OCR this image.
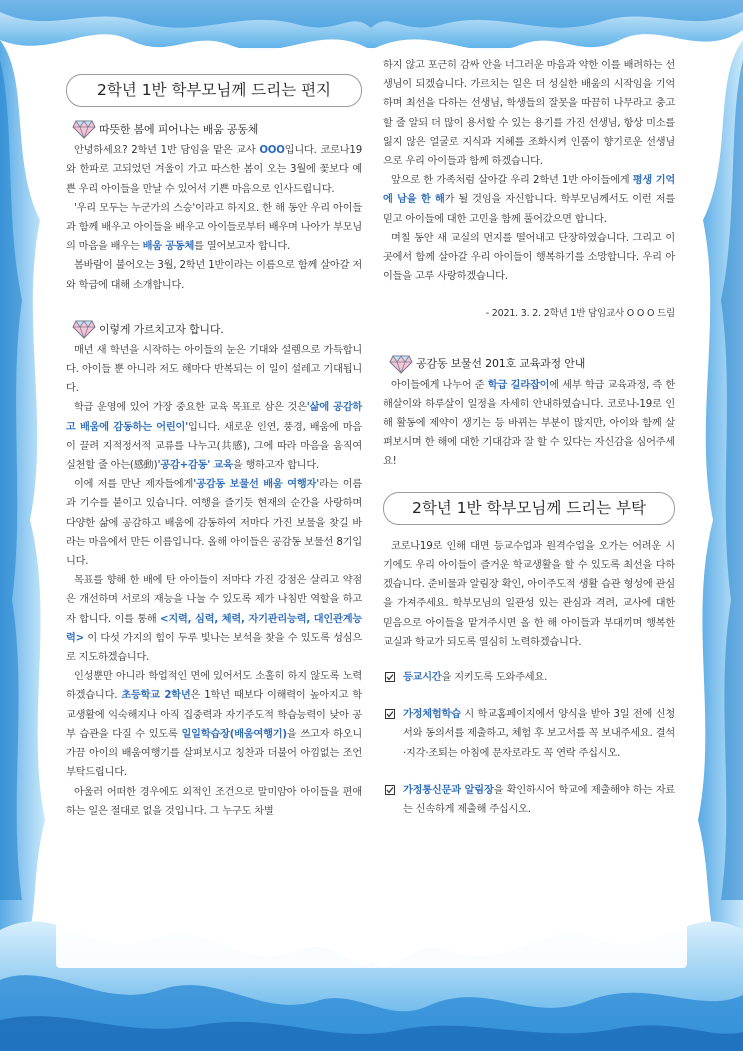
2학년 1반 학부모님께 드리는 편지
따뜻한 봄에 피어나는 배움 공동체

안녕하세요? 2학년 1반 담임을 맡은 교사 OOO입니다. 코로나19와 한파로 고되었던 겨울이 가고 따스한 봄이 오는 3월에 꽃보다 예쁜 우리 아이들을 만날 수 있어서 기쁜 마음으로 인사드립니다.

'우리 모두는 누군가의 스승'이라고 하지요. 한 해 동안 우리 아이들과 함께 배우고 아이들을 배우고 아이들로부터 배우며 나아가 부모님의 마음을 배우는 배움 공동체를 열어보고자 합니다.

봄바람이 불어오는 3월, 2학년 1반이라는 이름으로 함께 살아갈 저와 학급에 대해 소개합니다.

이렇게 가르치고자 합니다.

매년 새 학년을 시작하는 아이들의 눈은 기대와 설렘으로 가득합니다. 아이들 뿐 아니라 저도 해마다 반복되는 이 일이 설레고 기대됩니다.

학급 운영에 있어 가장 중요한 교육 목표로 삼은 것은'삶에 공감하고 배움에 감동하는 어린이'입니다. 새로운 인연, 풍경, 배움에 마음이 끌려 지적정서적 교류를 나누고(共感), 그에 따라 마음을 움직여 실천할 줄 아는(感動)'공감+감동' 교육을 행하고자 합니다.

이에 저를 만난 제자들에게'공감동 보물선 배움 여행자'라는 이름과 기수를 붙이고 있습니다. 여행을 즐기듯 현재의 순간을 사랑하며 다양한 삶에 공감하고 배움에 감동하여 저마다 가진 보물을 찾길 바라는 마음에서 만든 이름입니다. 올해 아이들은 공감동 보물선 8기입니다.

목표를 향해 한 배에 탄 아이들이 저마다 가진 강점은 살리고 약점은 개선하며 서로의 재능을 나눌 수 있도록 제가 나침반 역할을 하고자 합니다. 이를 통해 <지력, 심력, 체력, 자기관리능력, 대인관계능력> 이 다섯 가지의 힘이 두루 빛나는 보석을 찾을 수 있도록 성심으로 지도하겠습니다.

인성뿐만 아니라 학업적인 면에 있어서도 소홀히 하지 않도록 노력하겠습니다. 초등학교 2학년은 1학년 때보다 이해력이 높아지고 학교생활에 익숙해지나 아직 집중력과 자기주도적 학습능력이 낮아 공부 습관을 다질 수 있도록 일일학습장(배움여행기)을 쓰고자 하오니 가끔 아이의 배움여행기를 살펴보시고 칭찬과 더불어 아낌없는 조언 부탁드립니다.

아울러 어떠한 경우에도 외적인 조건으로 말미암아 아이들을 편애하는 일은 절대로 없을 것입니다. 그 누구도 차별

하지 않고 포근히 감싸 안을 너그러운 마음과 약한 이를 배려하는 선생님이 되겠습니다. 가르치는 일은 더 성실한 배움의 시작임을 기억하며 최선을 다하는 선생님, 학생들의 잘못을 따끔히 나무라고 충고할 줄 알되 더 많이 용서할 수 있는 용기를 가진 선생님, 항상 미소를 잃지 않은 얼굴로 지식과 지혜를 조화시켜 인품이 향기로운 선생님으로 우리 아이들과 함께 하겠습니다.

앞으로 한 가족처럼 살아갈 우리 2학년 1반 아이들에게 평생 기억에 남을 한 해가 될 것임을 자신합니다. 학부모님께서도 이런 저를 믿고 아이들에 대한 고민을 함께 풀어갔으면 합니다.

며칠 동안 새 교실의 먼지를 떨어내고 단장하였습니다. 그리고 이곳에서 함께 살아갈 우리 아이들이 행복하기를 소망합니다. 우리 아이들을 고루 사랑하겠습니다.

- 2021. 3. 2. 2학년 1반 담임교사 O O O 드림

공감동 보물선 201호 교육과정 안내

아이들에게 나누어 준 학급 길라잡이에 세부 학급 교육과정, 즉 한해살이와 하루살이 일정을 자세히 안내하였습니다. 코로나-19로 인해 활동에 제약이 생기는 등 바뀌는 부분이 많지만, 아이와 함께 살펴보시며 한 해에 대한 기대감과 잘 할 수 있다는 자신감을 심어주세요!

2학년 1반 학부모님께 드리는 부탁

코로나19로 인해 대면 등교수업과 원격수업을 오가는 어려운 시기에도 우리 아이들이 즐거운 학교생활을 할 수 있도록 최선을 다하겠습니다. 준비물과 알림장 확인, 아이주도적 생활 습관 형성에 관심을 가져주세요. 학부모님의 일관성 있는 관심과 격려, 교사에 대한 믿음으로 아이들을 맡겨주시면 올 한 해 아이들과 부대끼며 행복한 교실과 학교가 되도록 열심히 노력하겠습니다.

등교시간을 지키도록 도와주세요.
가정체험학습 시 학교홈페이지에서 양식을 받아 3일 전에 신청서와 동의서를 제출하고, 체험 후 보고서를 꼭 보내주세요. 결석·지각·조퇴는 아침에 문자로라도 꼭 연락 주십시오.
가정통신문과 알림장을 확인하시어 학교에 제출해야 하는 자료는 신속하게 제출해 주십시오.
